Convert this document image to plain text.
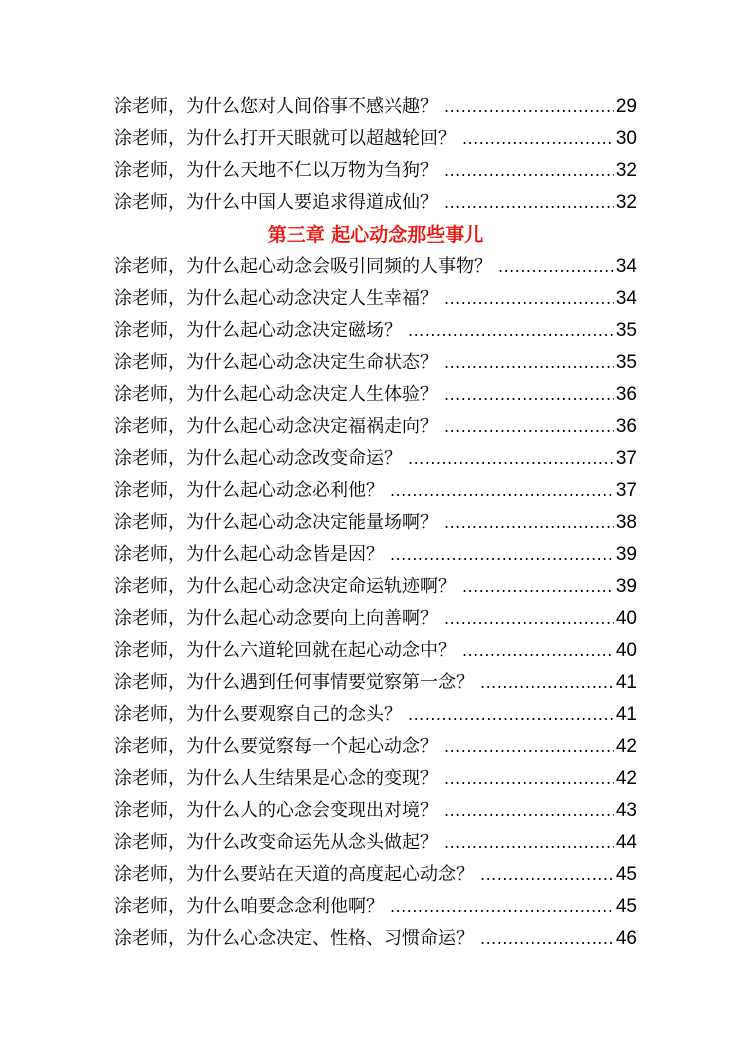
涂老师，为什么您对人间俗事不感兴趣？ .....	29
涂老师，为什么打开天眼就可以超越轮回？ .....	30
涂老师，为什么天地不仁以万物为刍狗？ .....	32
涂老师，为什么中国人要追求得道成仙？ .....	32
第三章 起心动念那些事儿
涂老师，为什么起心动念会吸引同频的人事物？ .....	34
涂老师，为什么起心动念决定人生幸福？ .....	34
涂老师，为什么起心动念决定磁场？ .....	35
涂老师，为什么起心动念决定生命状态？ .....	35
涂老师，为什么起心动念决定人生体验？ .....	36
涂老师，为什么起心动念决定福祸走向？ .....	36
涂老师，为什么起心动念改变命运？ .....	37
涂老师，为什么起心动念必利他？ .....	37
涂老师，为什么起心动念决定能量场啊？ .....	38
涂老师，为什么起心动念皆是因？ .....	39
涂老师，为什么起心动念决定命运轨迹啊？ .....	39
涂老师，为什么起心动念要向上向善啊？ .....	40
涂老师，为什么六道轮回就在起心动念中？ .....	40
涂老师，为什么遇到任何事情要觉察第一念？ .....	41
涂老师，为什么要观察自己的念头？ .....	41
涂老师，为什么要觉察每一个起心动念？ .....	42
涂老师，为什么人生结果是心念的变现？ .....	42
涂老师，为什么人的心念会变现出对境？ .....	43
涂老师，为什么改变命运先从念头做起？ .....	44
涂老师，为什么要站在天道的高度起心动念？ .....	45
涂老师，为什么咱要念念利他啊？ .....	45
涂老师，为什么心念决定、性格、习惯命运？ .....	46
